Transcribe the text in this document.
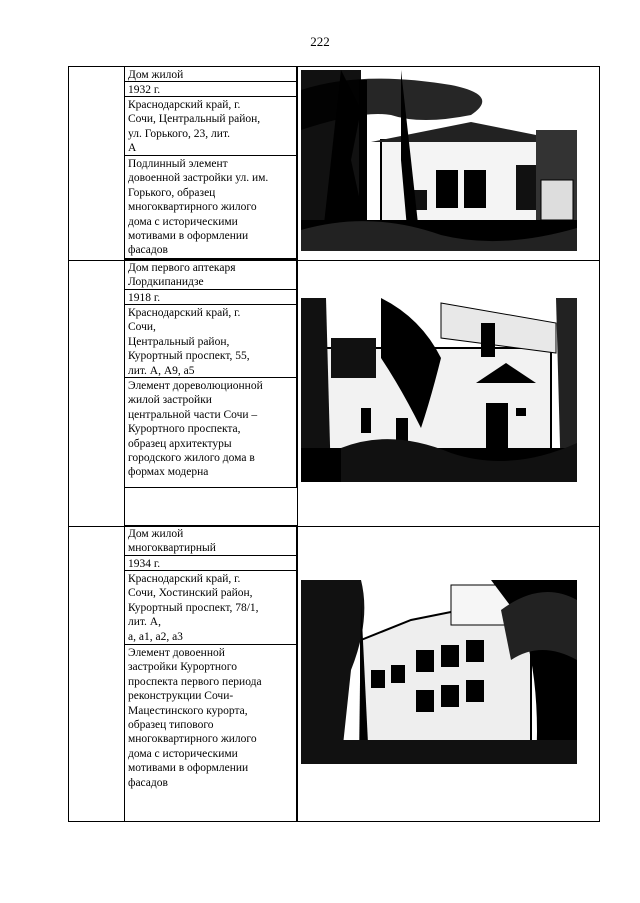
222
Дом жилой
1932 г.
Краснодарский край, г.
Сочи, Центральный район,
ул. Горького, 23, лит.
А
Подлинный элемент
довоенной застройки ул. им.
Горького, образец
многоквартирного жилого
дома с историческими
мотивами в оформлении
фасадов
Дом первого аптекаря
Лордкипанидзе
1918 г.
Краснодарский край, г.
Сочи,
Центральный район,
Курортный проспект, 55,
лит. А, А9, а5
Элемент дореволюционной
жилой застройки
центральной части Сочи –
Курортного проспекта,
образец архитектуры
городского жилого дома в
формах модерна
Дом жилой
многоквартирный
1934 г.
Краснодарский край, г.
Сочи, Хостинский район,
Курортный проспект, 78/1,
лит. А,
а, а1, а2, а3
Элемент довоенной
застройки Курортного
проспекта первого периода
реконструкции Сочи-
Мацестинского курорта,
образец типового
многоквартирного жилого
дома с историческими
мотивами в оформлении
фасадов
